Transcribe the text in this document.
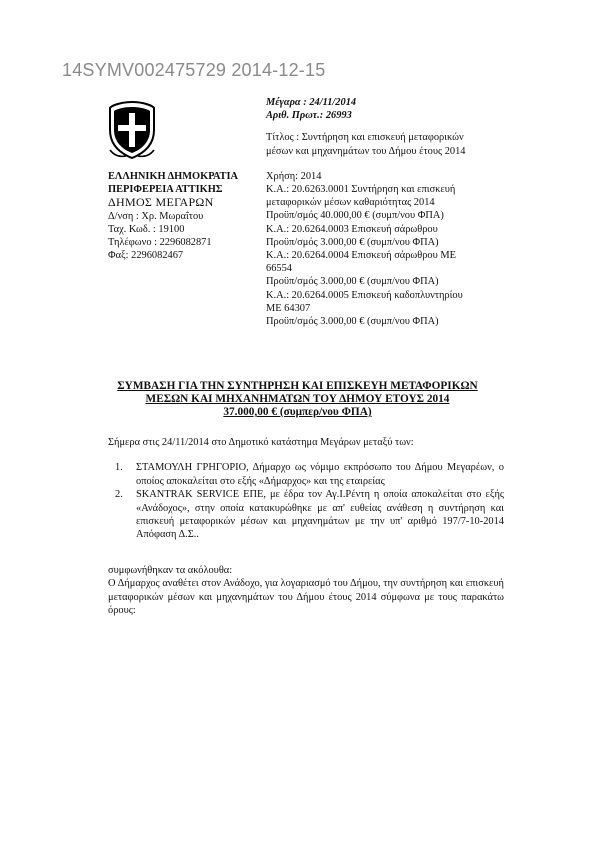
14SYMV002475729 2014-12-15
ΕΛΛΗΝΙΚΗ ΔΗΜΟΚΡΑΤΙΑ
ΠΕΡΙΦΕΡΕΙΑ ΑΤΤΙΚΗΣ
ΔΗΜΟΣ ΜΕΓΑΡΩΝ
Δ/νση : Χρ. Μωραΐτου
Ταχ. Κωδ. : 19100
Τηλέφωνο : 2296082871
Φαξ: 2296082467
Μέγαρα : 24/11/2014
Αριθ. Πρωτ.: 26993
Τίτλος : Συντήρηση και επισκευή μεταφορικών
μέσων και μηχανημάτων του Δήμου έτους 2014
Χρήση: 2014
Κ.Α.: 20.6263.0001 Συντήρηση και επισκευή
μεταφορικών μέσων καθαριότητας 2014
Προϋπ/σμός 40.000,00 € (συμπ/νου ΦΠΑ)
Κ.Α.: 20.6264.0003 Επισκευή σάρωθρου
Προϋπ/σμός 3.000,00 € (συμπ/νου ΦΠΑ)
Κ.Α.: 20.6264.0004 Επισκευή σάρωθρου ΜΕ
66554
Προϋπ/σμός 3.000,00 € (συμπ/νου ΦΠΑ)
Κ.Α.: 20.6264.0005 Επισκευή καδοπλυντηρίου
ΜΕ 64307
Προϋπ/σμός 3.000,00 € (συμπ/νου ΦΠΑ)
ΣΥΜΒΑΣΗ ΓΙΑ ΤΗΝ ΣΥΝΤΗΡΗΣΗ ΚΑΙ ΕΠΙΣΚΕΥΗ ΜΕΤΑΦΟΡΙΚΩΝ
ΜΕΣΩΝ ΚΑΙ ΜΗΧΑΝΗΜΑΤΩΝ ΤΟΥ ΔΗΜΟΥ ΕΤΟΥΣ 2014
37.000,00 € (συμπερ/νου ΦΠΑ)
Σήμερα στις 24/11/2014 στο Δημοτικό κατάστημα Μεγάρων μεταξύ των:
1. ΣΤΑΜΟΥΛΗ ΓΡΗΓΟΡΙΟ, Δήμαρχο ως νόμιμο εκπρόσωπο του Δήμου Μεγαρέων, ο οποίος αποκαλείται στο εξής «Δήμαρχος» και της εταιρείας
2. SKANTRAK SERVICE ΕΠΕ, με έδρα τον Αγ.Ι.Ρέντη η οποία αποκαλείται στο εξής «Ανάδοχος», στην οποία κατακυρώθηκε με απ' ευθείας ανάθεση η συντήρηση και επισκευή μεταφορικών μέσων και μηχανημάτων με την υπ' αριθμό 197/7-10-2014 Απόφαση Δ.Σ..
συμφωνήθηκαν τα ακόλουθα:
Ο Δήμαρχος αναθέτει στον Ανάδοχο, για λογαριασμό του Δήμου, την συντήρηση και επισκευή μεταφορικών μέσων και μηχανημάτων του Δήμου έτους 2014 σύμφωνα με τους παρακάτω όρους:
